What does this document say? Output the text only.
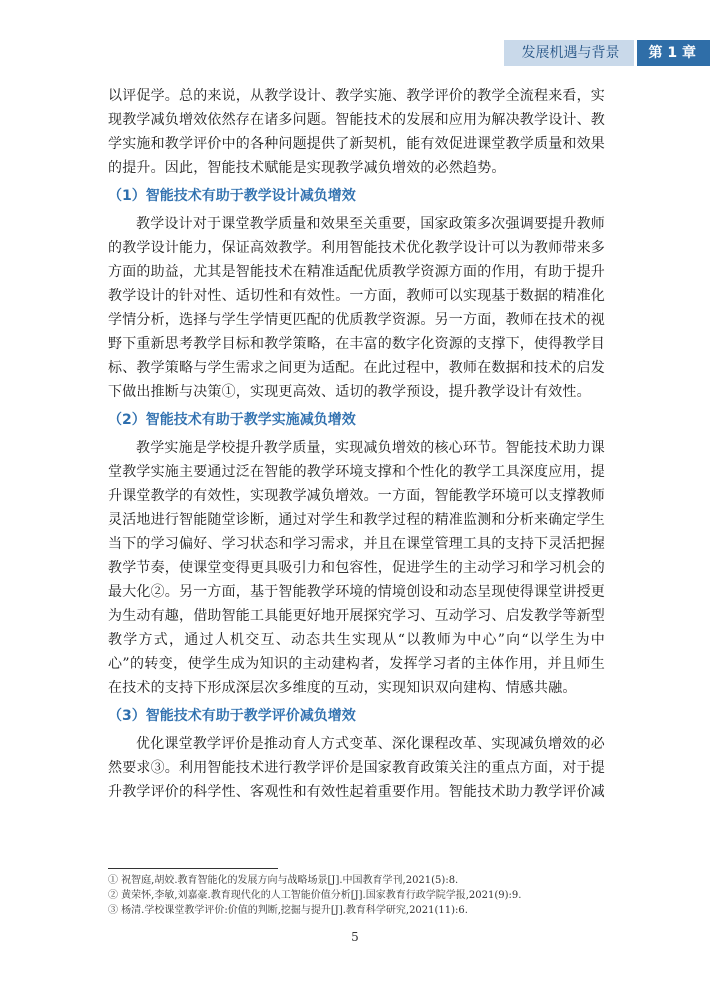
发展机遇与背景	第 1 章

以评促学。总的来说，从教学设计、教学实施、教学评价的教学全流程来看，实现教学减负增效依然存在诸多问题。智能技术的发展和应用为解决教学设计、教学实施和教学评价中的各种问题提供了新契机，能有效促进课堂教学质量和效果的提升。因此，智能技术赋能是实现教学减负增效的必然趋势。

（1）智能技术有助于教学设计减负增效

教学设计对于课堂教学质量和效果至关重要，国家政策多次强调要提升教师的教学设计能力，保证高效教学。利用智能技术优化教学设计可以为教师带来多方面的助益，尤其是智能技术在精准适配优质教学资源方面的作用，有助于提升教学设计的针对性、适切性和有效性。一方面，教师可以实现基于数据的精准化学情分析，选择与学生学情更匹配的优质教学资源。另一方面，教师在技术的视野下重新思考教学目标和教学策略，在丰富的数字化资源的支撑下，使得教学目标、教学策略与学生需求之间更为适配。在此过程中，教师在数据和技术的启发下做出推断与决策①，实现更高效、适切的教学预设，提升教学设计有效性。

（2）智能技术有助于教学实施减负增效

教学实施是学校提升教学质量，实现减负增效的核心环节。智能技术助力课堂教学实施主要通过泛在智能的教学环境支撑和个性化的教学工具深度应用，提升课堂教学的有效性，实现教学减负增效。一方面，智能教学环境可以支撑教师灵活地进行智能随堂诊断，通过对学生和教学过程的精准监测和分析来确定学生当下的学习偏好、学习状态和学习需求，并且在课堂管理工具的支持下灵活把握教学节奏，使课堂变得更具吸引力和包容性，促进学生的主动学习和学习机会的最大化②。另一方面，基于智能教学环境的情境创设和动态呈现使得课堂讲授更为生动有趣，借助智能工具能更好地开展探究学习、互动学习、启发教学等新型教学方式，通过人机交互、动态共生实现从“以教师为中心”向“以学生为中心”的转变，使学生成为知识的主动建构者，发挥学习者的主体作用，并且师生在技术的支持下形成深层次多维度的互动，实现知识双向建构、情感共融。

（3）智能技术有助于教学评价减负增效

优化课堂教学评价是推动育人方式变革、深化课程改革、实现减负增效的必然要求③。利用智能技术进行教学评价是国家教育政策关注的重点方面，对于提升教学评价的科学性、客观性和有效性起着重要作用。智能技术助力教学评价减

① 祝智庭,胡姣.教育智能化的发展方向与战略场景[J].中国教育学刊,2021(5):8.
② 黄荣怀,李敏,刘嘉豪.教育现代化的人工智能价值分析[J].国家教育行政学院学报,2021(9):9.
③ 杨清.学校课堂教学评价:价值的判断,挖掘与提升[J].教育科学研究,2021(11):6.
5
